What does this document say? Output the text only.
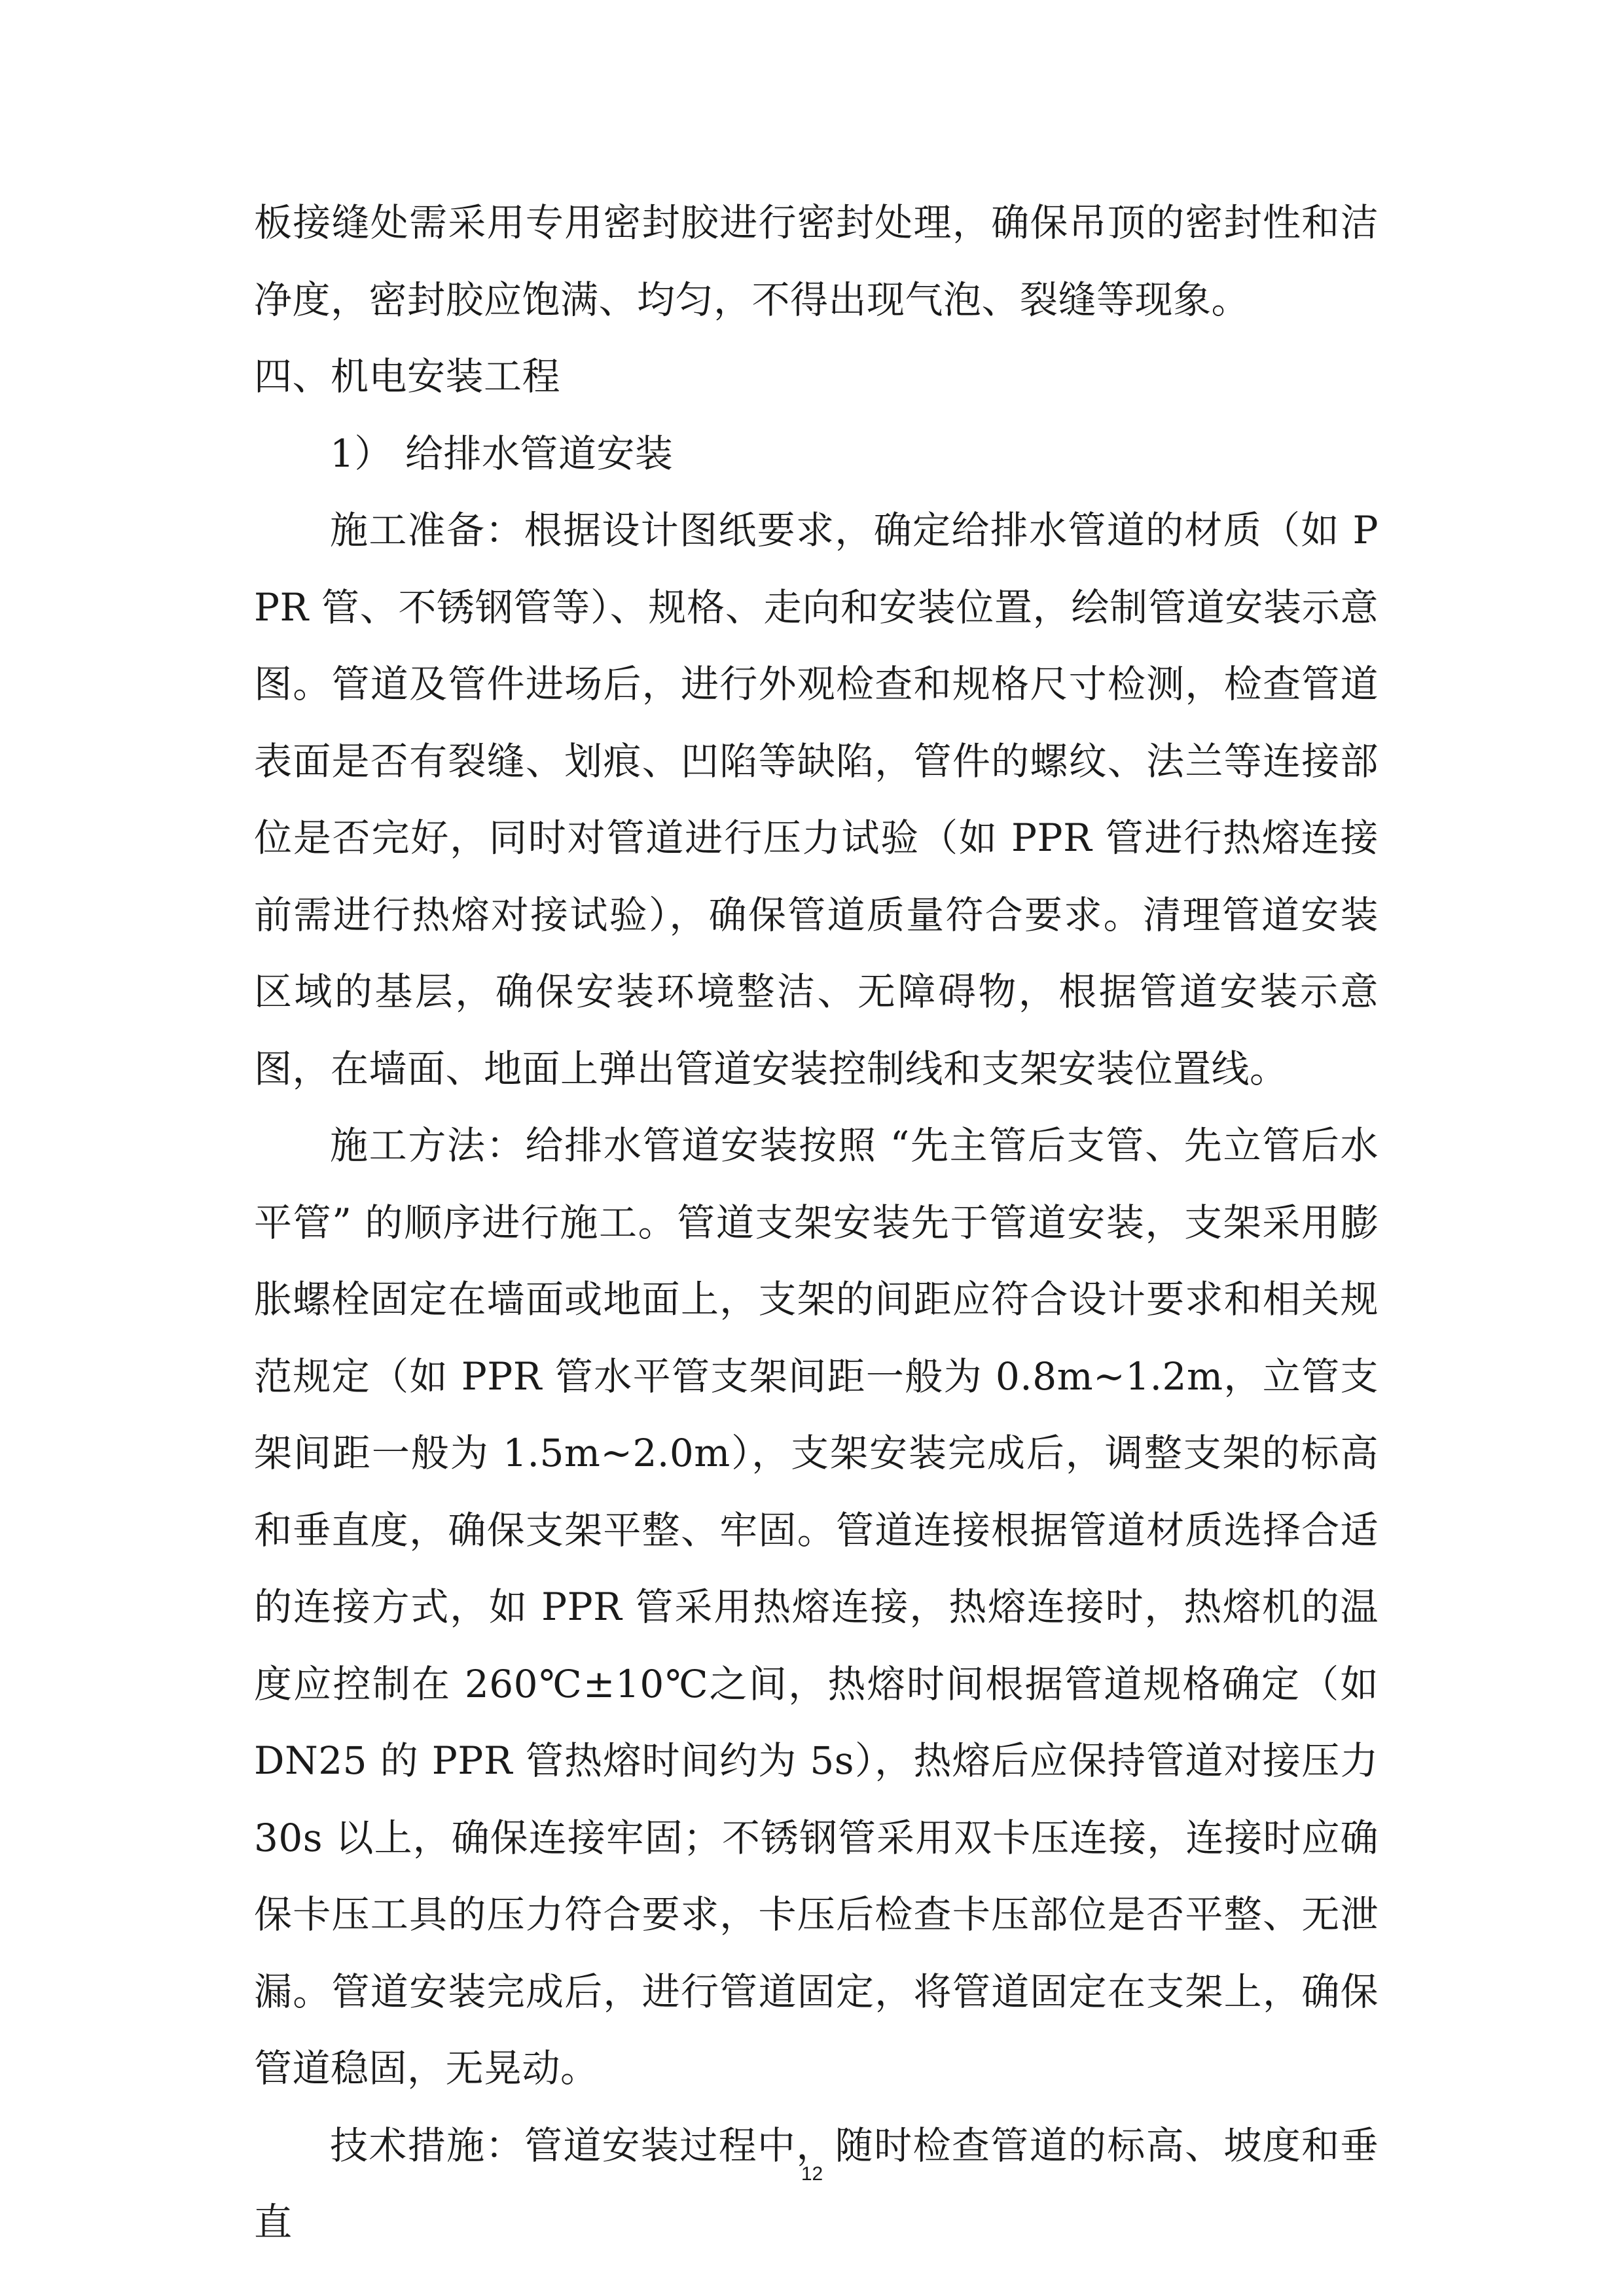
板接缝处需采用专用密封胶进行密封处理，确保吊顶的密封性和洁净度，密封胶应饱满、均匀，不得出现气泡、裂缝等现象。

四、机电安装工程

1） 给排水管道安装

施工准备：根据设计图纸要求，确定给排水管道的材质（如 PPR 管、不锈钢管等）、规格、走向和安装位置，绘制管道安装示意图。管道及管件进场后，进行外观检查和规格尺寸检测，检查管道表面是否有裂缝、划痕、凹陷等缺陷，管件的螺纹、法兰等连接部位是否完好，同时对管道进行压力试验（如 PPR 管进行热熔连接前需进行热熔对接试验），确保管道质量符合要求。清理管道安装区域的基层，确保安装环境整洁、无障碍物，根据管道安装示意图，在墙面、地面上弹出管道安装控制线和支架安装位置线。

施工方法：给排水管道安装按照 “先主管后支管、先立管后水平管” 的顺序进行施工。管道支架安装先于管道安装，支架采用膨胀螺栓固定在墙面或地面上，支架的间距应符合设计要求和相关规范规定（如 PPR 管水平管支架间距一般为 0.8m~1.2m，立管支架间距一般为 1.5m~2.0m），支架安装完成后，调整支架的标高和垂直度，确保支架平整、牢固。管道连接根据管道材质选择合适的连接方式，如 PPR 管采用热熔连接，热熔连接时，热熔机的温度应控制在 260℃±10℃之间，热熔时间根据管道规格确定（如 DN25 的 PPR 管热熔时间约为 5s），热熔后应保持管道对接压力 30s 以上，确保连接牢固；不锈钢管采用双卡压连接，连接时应确保卡压工具的压力符合要求，卡压后检查卡压部位是否平整、无泄漏。管道安装完成后，进行管道固定，将管道固定在支架上，确保管道稳固，无晃动。

技术措施：管道安装过程中，随时检查管道的标高、坡度和垂直

12
